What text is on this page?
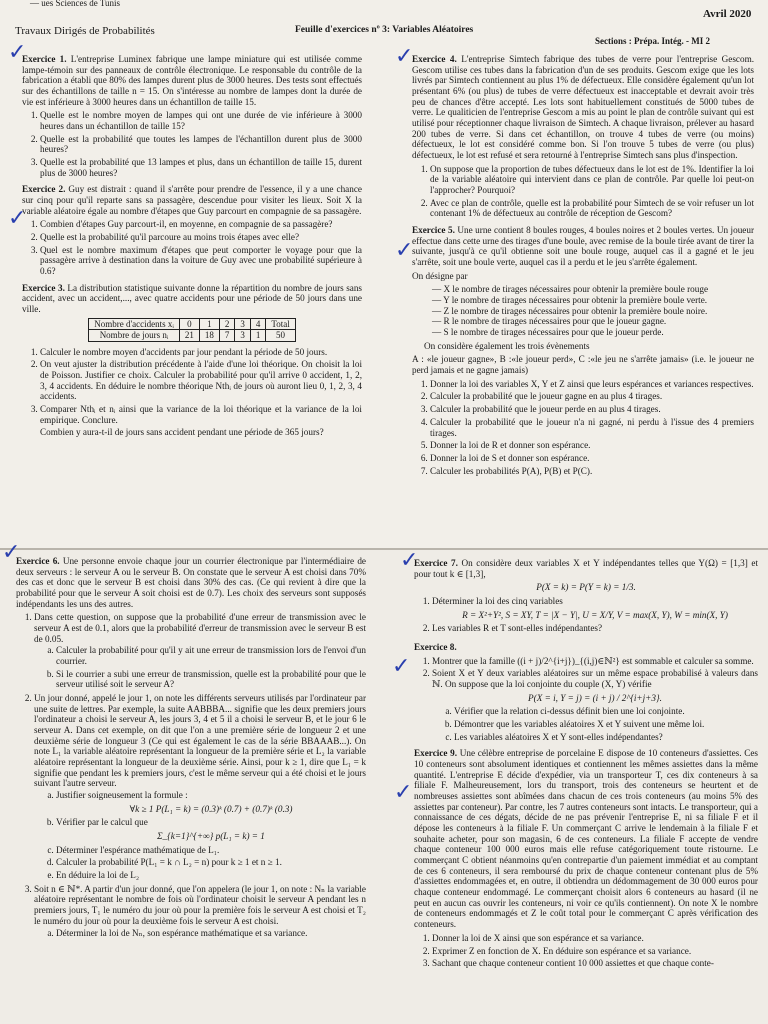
— ues Sciences de Tunis
Travaux Dirigés de Probabilités	Feuille d'exercices nº 3: Variables Aléatoires
Avril 2020
Sections : Prépa. Intég. - MI 2
✓	✓
✓
✓
✓	✓
✓
✓

Exercice 1. L'entreprise Luminex fabrique une lampe miniature qui est utilisée comme lampe-témoin sur des panneaux de contrôle électronique. Le responsable du contrôle de la fabrication a établi que 80% des lampes durent plus de 3000 heures. Des tests sont effectués sur des échantillons de taille n = 15. On s'intéresse au nombre de lampes dont la durée de vie est inférieure à 3000 heures dans un échantillon de taille 15.

1. Quelle est le nombre moyen de lampes qui ont une durée de vie inférieure à 3000 heures dans un échantillon de taille 15?
2. Quelle est la probabilité que toutes les lampes de l'échantillon durent plus de 3000 heures?
3. Quelle est la probabilité que 13 lampes et plus, dans un échantillon de taille 15, durent plus de 3000 heures?

Exercice 2. Guy est distrait : quand il s'arrête pour prendre de l'essence, il y a une chance sur cinq pour qu'il reparte sans sa passagère, descendue pour visiter les lieux. Soit X la variable aléatoire égale au nombre d'étapes que Guy parcourt en compagnie de sa passagère.

1. Combien d'étapes Guy parcourt-il, en moyenne, en compagnie de sa passagère?
2. Quelle est la probabilité qu'il parcoure au moins trois étapes avec elle?
3. Quel est le nombre maximum d'étapes que peut comporter le voyage pour que la passagère arrive à destination dans la voiture de Guy avec une probabilité supérieure à 0.6?

Exercice 3. La distribution statistique suivante donne la répartition du nombre de jours sans accident, avec un accident,..., avec quatre accidents pour une période de 50 jours dans une ville.

Nombre d'accidents xᵢ	0	1	2	3	4	Total
Nombre de jours nᵢ	21	18	7	3	1	50
1. Calculer le nombre moyen d'accidents par jour pendant la période de 50 jours.
2. On veut ajuster la distribution précédente à l'aide d'une loi théorique. On choisit la loi de Poisson. Justifier ce choix. Calculer la probabilité pour qu'il arrive 0 accident, 1, 2, 3, 4 accidents. En déduire le nombre théorique Nthᵢ de jours où auront lieu 0, 1, 2, 3, 4 accidents.
3. Comparer Nthᵢ et nᵢ ainsi que la variance de la loi théorique et la variance de la loi empirique. Conclure.
Combien y aura-t-il de jours sans accident pendant une période de 365 jours?

Exercice 4. L'entreprise Simtech fabrique des tubes de verre pour l'entreprise Gescom. Gescom utilise ces tubes dans la fabrication d'un de ses produits. Gescom exige que les lots livrés par Simtech contiennent au plus 1% de défectueux. Elle considère également qu'un lot présentant 6% (ou plus) de tubes de verre défectueux est inacceptable et devrait avoir très peu de chances d'être accepté. Les lots sont habituellement constitués de 5000 tubes de verre. Le qualiticien de l'entreprise Gescom a mis au point le plan de contrôle suivant qui est utilisé pour réceptionner chaque livraison de Simtech. A chaque livraison, prélever au hasard 200 tubes de verre. Si dans cet échantillon, on trouve 4 tubes de verre (ou moins) défectueux, le lot est considéré comme bon. Si l'on trouve 5 tubes de verre (ou plus) défectueux, le lot est refusé et sera retourné à l'entreprise Simtech sans plus d'inspection.

1. On suppose que la proportion de tubes défectueux dans le lot est de 1%. Identifier la loi de la variable aléatoire qui intervient dans ce plan de contrôle. Par quelle loi peut-on l'approcher? Pourquoi?
2. Avec ce plan de contrôle, quelle est la probabilité pour Simtech de se voir refuser un lot contenant 1% de défectueux au contrôle de réception de Gescom?

Exercice 5. Une urne contient 8 boules rouges, 4 boules noires et 2 boules vertes. Un joueur effectue dans cette urne des tirages d'une boule, avec remise de la boule tirée avant de tirer la suivante, jusqu'à ce qu'il obtienne soit une boule rouge, auquel cas il a gagné et le jeu s'arrête, soit une boule verte, auquel cas il a perdu et le jeu s'arrête également.

On désigne par

— X le nombre de tirages nécessaires pour obtenir la première boule rouge
— Y le nombre de tirages nécessaires pour obtenir la première boule verte.
— Z le nombre de tirages nécessaires pour obtenir la première boule noire.
— R le nombre de tirages nécessaires pour que le joueur gagne.
— S le nombre de tirages nécessaires pour que le joueur perde.

On considère également les trois évènements

A : «le joueur gagne», B :«le joueur perd», C :«le jeu ne s'arrête jamais» (i.e. le joueur ne perd jamais et ne gagne jamais)

1. Donner la loi des variables X, Y et Z ainsi que leurs espérances et variances respectives.
2. Calculer la probabilité que le joueur gagne en au plus 4 tirages.
3. Calculer la probabilité que le joueur perde en au plus 4 tirages.
4. Calculer la probabilité que le joueur n'a ni gagné, ni perdu à l'issue des 4 premiers tirages.
5. Donner la loi de R et donner son espérance.
6. Donner la loi de S et donner son espérance.
7. Calculer les probabilités P(A), P(B) et P(C).

Exercice 6. Une personne envoie chaque jour un courrier électronique par l'intermédiaire de deux serveurs : le serveur A ou le serveur B. On constate que le serveur A est choisi dans 70% des cas et donc que le serveur B est choisi dans 30% des cas. (Ce qui revient à dire que la probabilité pour que le serveur A soit choisi est de 0.7). Les choix des serveurs sont supposés indépendants les uns des autres.

1. Dans cette question, on suppose que la probabilité d'une erreur de transmission avec le serveur A est de 0.1, alors que la probabilité d'erreur de transmission avec le serveur B est de 0.05.
a. Calculer la probabilité pour qu'il y ait une erreur de transmission lors de l'envoi d'un courrier.
b. Si le courrier a subi une erreur de transmission, quelle est la probabilité pour que le serveur utilisé soit le serveur A?
2. Un jour donné, appelé le jour 1, on note les différents serveurs utilisés par l'ordinateur par une suite de lettres. Par exemple, la suite AABBBA... signifie que les deux premiers jours l'ordinateur a choisi le serveur A, les jours 3, 4 et 5 il a choisi le serveur B, et le jour 6 le serveur A. Dans cet exemple, on dit que l'on a une première série de longueur 2 et une deuxième série de longueur 3 (Ce qui est également le cas de la série BBAAAB...). On note L₁ la variable aléatoire représentant la longueur de la première série et L₂ la variable aléatoire représentant la longueur de la deuxième série. Ainsi, pour k ≥ 1, dire que L₁ = k signifie que pendant les k premiers jours, c'est le même serveur qui a été choisi et le jours suivant l'autre serveur.
a. Justifier soigneusement la formule :
∀k ≥ 1 P(L₁ = k) = (0.3)ᵏ (0.7) + (0.7)ᵏ (0.3)
b. Vérifier par le calcul que
Σ_{k=1}^{+∞} p(L₁ = k) = 1
c. Déterminer l'espérance mathématique de L₁.
d. Calculer la probabilité P(L₁ = k ∩ L₂ = n) pour k ≥ 1 et n ≥ 1.
e. En déduire la loi de L₂
3. Soit n ∈ ℕ*. A partir d'un jour donné, que l'on appelera (le jour 1, on note : Nₙ la variable aléatoire représentant le nombre de fois où l'ordinateur choisit le serveur A pendant les n premiers jours, T₁ le numéro du jour où pour la première fois le serveur A est choisi et T₂ le numéro du jour où pour la deuxième fois le serveur A est choisi.
a. Déterminer la loi de Nₙ, son espérance mathématique et sa variance.

Exercice 7. On considère deux variables X et Y indépendantes telles que Y(Ω) = [1,3] et pour tout k ∈ [1,3],

P(X = k) = P(Y = k) = 1/3.
1. Déterminer la loi des cinq variables
R = X²+Y², S = XY, T = |X − Y|, U = X/Y, V = max(X, Y), W = min(X, Y)
2. Les variables R et T sont-elles indépendantes?

Exercice 8.

1. Montrer que la famille ((i + j)/2^{i+j})_{(i,j)∈ℕ²} est sommable et calculer sa somme.
2. Soient X et Y deux variables aléatoires sur un même espace probabilisé à valeurs dans ℕ. On suppose que la loi conjointe du couple (X, Y) vérifie
P(X = i, Y = j) = (i + j) / 2^{i+j+3}.
a. Vérifier que la relation ci-dessus définit bien une loi conjointe.
b. Démontrer que les variables aléatoires X et Y suivent une même loi.
c. Les variables aléatoires X et Y sont-elles indépendantes?

Exercice 9. Une célèbre entreprise de porcelaine E dispose de 10 conteneurs d'assiettes. Ces 10 conteneurs sont absolument identiques et contiennent les mêmes assiettes dans la même quantité. L'entreprise E décide d'expédier, via un transporteur T, ces dix conteneurs à sa filiale F. Malheureusement, lors du transport, trois des conteneurs se heurtent et de nombreuses assiettes sont abîmées dans chacun de ces trois conteneurs (au moins 5% des assiettes par conteneur). Par contre, les 7 autres conteneurs sont intacts. Le transporteur, qui a connaissance de ces dégats, décide de ne pas prévenir l'entreprise E, ni sa filiale F et il dépose les conteneurs à la filiale F. Un commerçant C arrive le lendemain à la filiale F et souhaite acheter, pour son magasin, 6 de ces conteneurs. La filiale F accepte de vendre chaque conteneur 100 000 euros mais elle refuse catégoriquement toute ristourne. Le commerçant C obtient néanmoins qu'en contrepartie d'un paiement immédiat et au comptant de ces 6 conteneurs, il sera remboursé du prix de chaque conteneur contenant plus de 5% d'assiettes endommagées et, en outre, il obtiendra un dédommagement de 30 000 euros pour chaque conteneur endommagé. Le commerçant choisit alors 6 conteneurs au hasard (il ne peut en aucun cas ouvrir les conteneurs, ni voir ce qu'ils contiennent). On note X le nombre de conteneurs endommagés et Z le coût total pour le commerçant C après vérification des conteneurs.

1. Donner la loi de X ainsi que son espérance et sa variance.
2. Exprimer Z en fonction de X. En déduire son espérance et sa variance.
3. Sachant que chaque conteneur contient 10 000 assiettes et que chaque conte-
